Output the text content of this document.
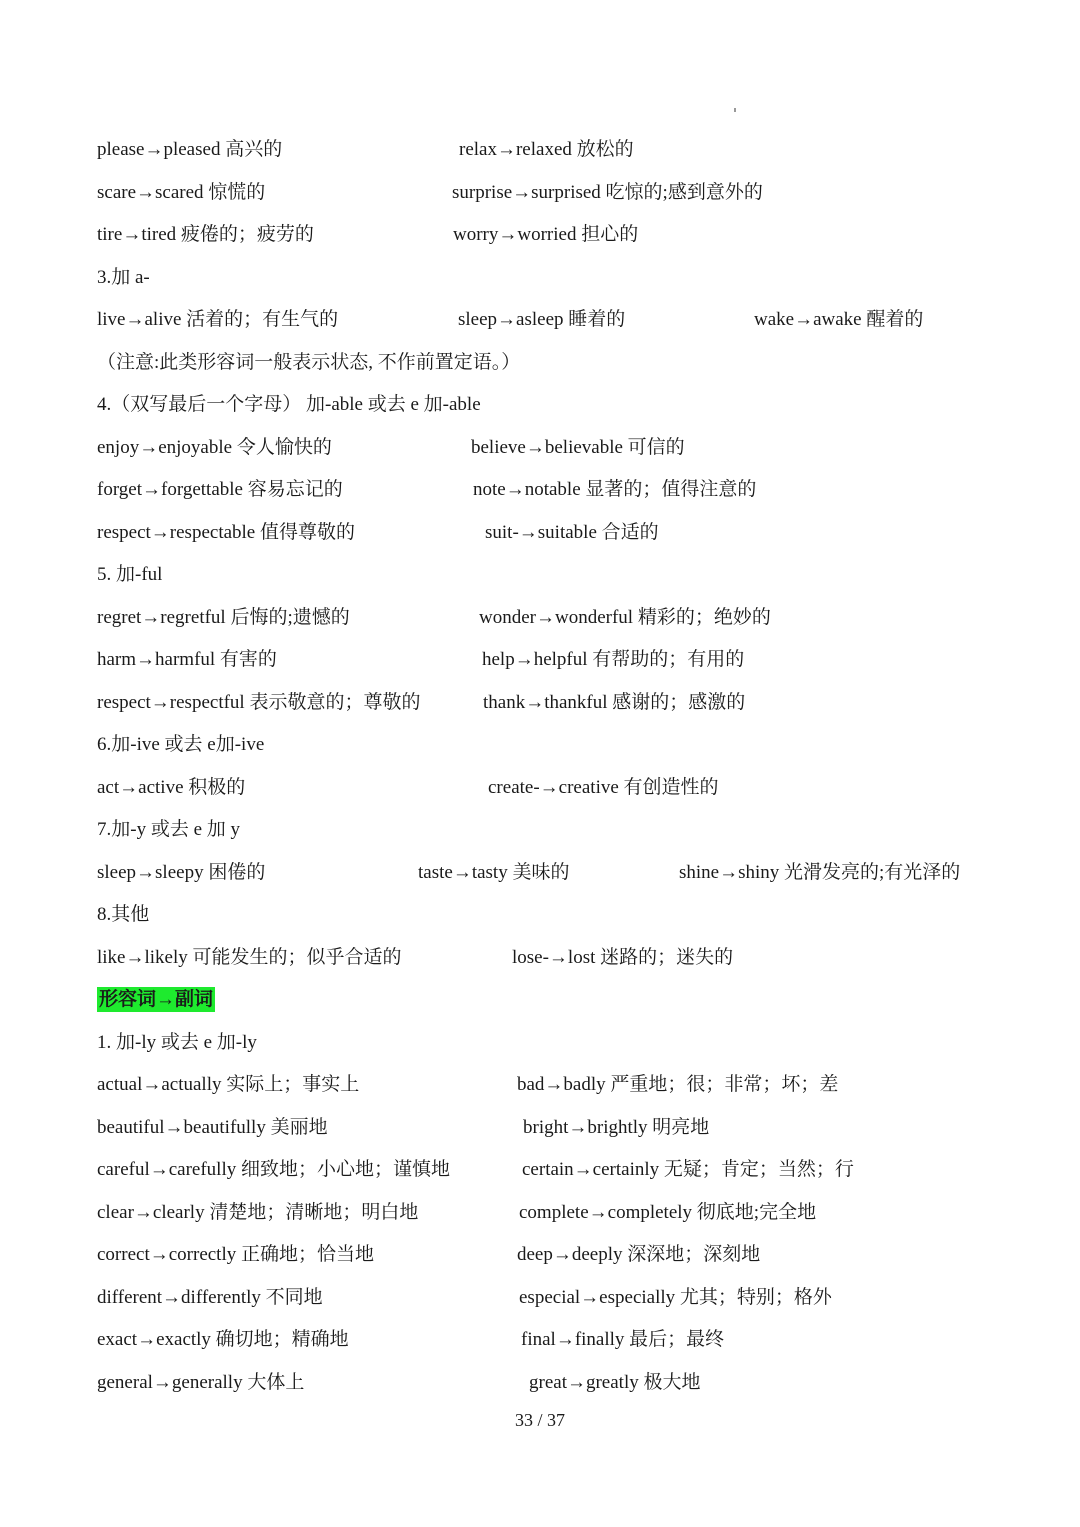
please→pleased 高兴的	relax→relaxed 放松的
scare→scared 惊慌的	surprise→surprised 吃惊的;感到意外的
tire→tired 疲倦的；疲劳的	worry→worried 担心的
3.加 a-
live→alive 活着的；有生气的	sleep→asleep 睡着的	wake→awake 醒着的
（注意:此类形容词一般表示状态, 不作前置定语。）
4.（双写最后一个字母） 加-able 或去 e 加-able
enjoy→enjoyable 令人愉快的	believe→believable 可信的
forget→forgettable 容易忘记的	note→notable 显著的；值得注意的
respect→respectable 值得尊敬的	suit-→suitable 合适的
5. 加-ful
regret→regretful 后悔的;遗憾的	wonder→wonderful 精彩的；绝妙的
harm→harmful 有害的	help→helpful 有帮助的；有用的
respect→respectful 表示敬意的；尊敬的	thank→thankful 感谢的；感激的
6.加-ive 或去 e加-ive
act→active 积极的	create-→creative 有创造性的
7.加-y 或去 e 加 y
sleep→sleepy 困倦的	taste→tasty 美味的	shine→shiny 光滑发亮的;有光泽的
8.其他
like→likely 可能发生的；似乎合适的	lose-→lost 迷路的；迷失的
形容词→副词
1. 加-ly 或去 e 加-ly
actual→actually 实际上；事实上	bad→badly 严重地；很；非常；坏；差
beautiful→beautifully 美丽地	bright→brightly 明亮地
careful→carefully 细致地；小心地；谨慎地	certain→certainly 无疑；肯定；当然；行
clear→clearly 清楚地；清晰地；明白地	complete→completely 彻底地;完全地
correct→correctly 正确地；恰当地	deep→deeply 深深地；深刻地
different→differently 不同地	especial→especially 尤其；特别；格外
exact→exactly 确切地；精确地	final→finally 最后；最终
general→generally 大体上	great→greatly 极大地
33 / 37
